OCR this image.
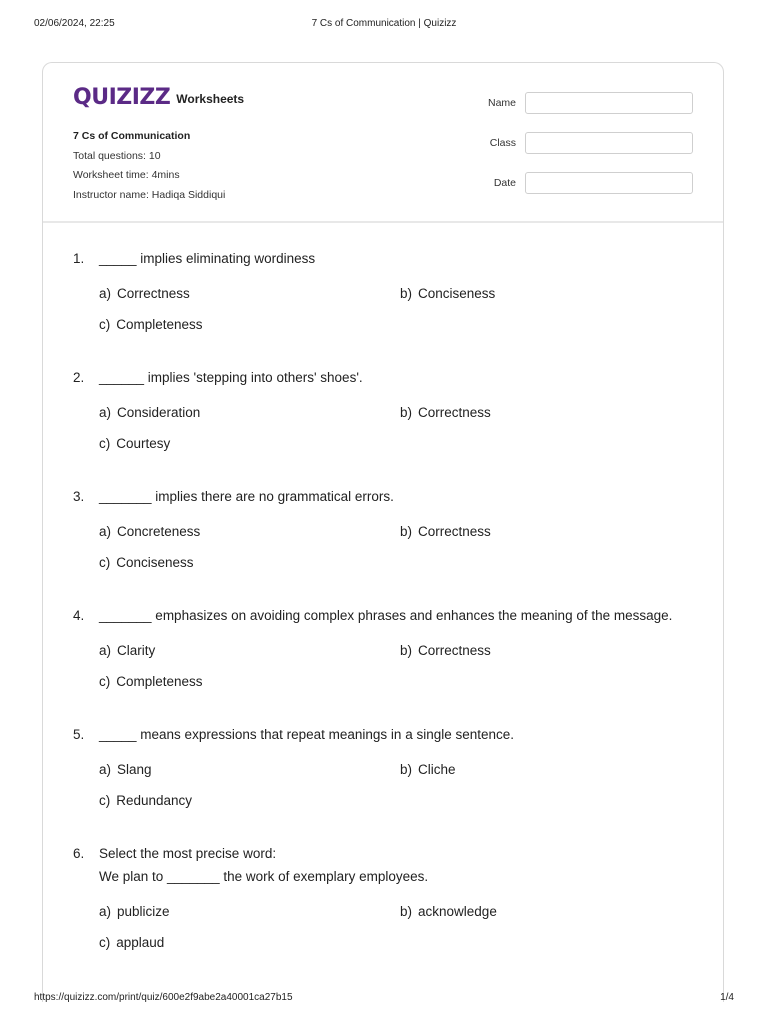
02/06/2024, 22:25	7 Cs of Communication | Quizizz
QUIZIZZ Worksheets
7 Cs of Communication
Total questions: 10
Worksheet time: 4mins
Instructor name: Hadiqa Siddiqui
Name
Class
Date
1.	_____ implies eliminating wordiness
a) Correctness	b) Conciseness
c) Completeness
2.	______ implies 'stepping into others' shoes'.
a) Consideration	b) Correctness
c) Courtesy
3.	_______ implies there are no grammatical errors.
a) Concreteness	b) Correctness
c) Conciseness
4.	_______ emphasizes on avoiding complex phrases and enhances the meaning of the message.
a) Clarity	b) Correctness
c) Completeness
5.	_____ means expressions that repeat meanings in a single sentence.
a) Slang	b) Cliche
c) Redundancy
6.	Select the most precise word:
We plan to _______ the work of exemplary employees.
a) publicize	b) acknowledge
c) applaud
https://quizizz.com/print/quiz/600e2f9abe2a40001ca27b15	1/4
